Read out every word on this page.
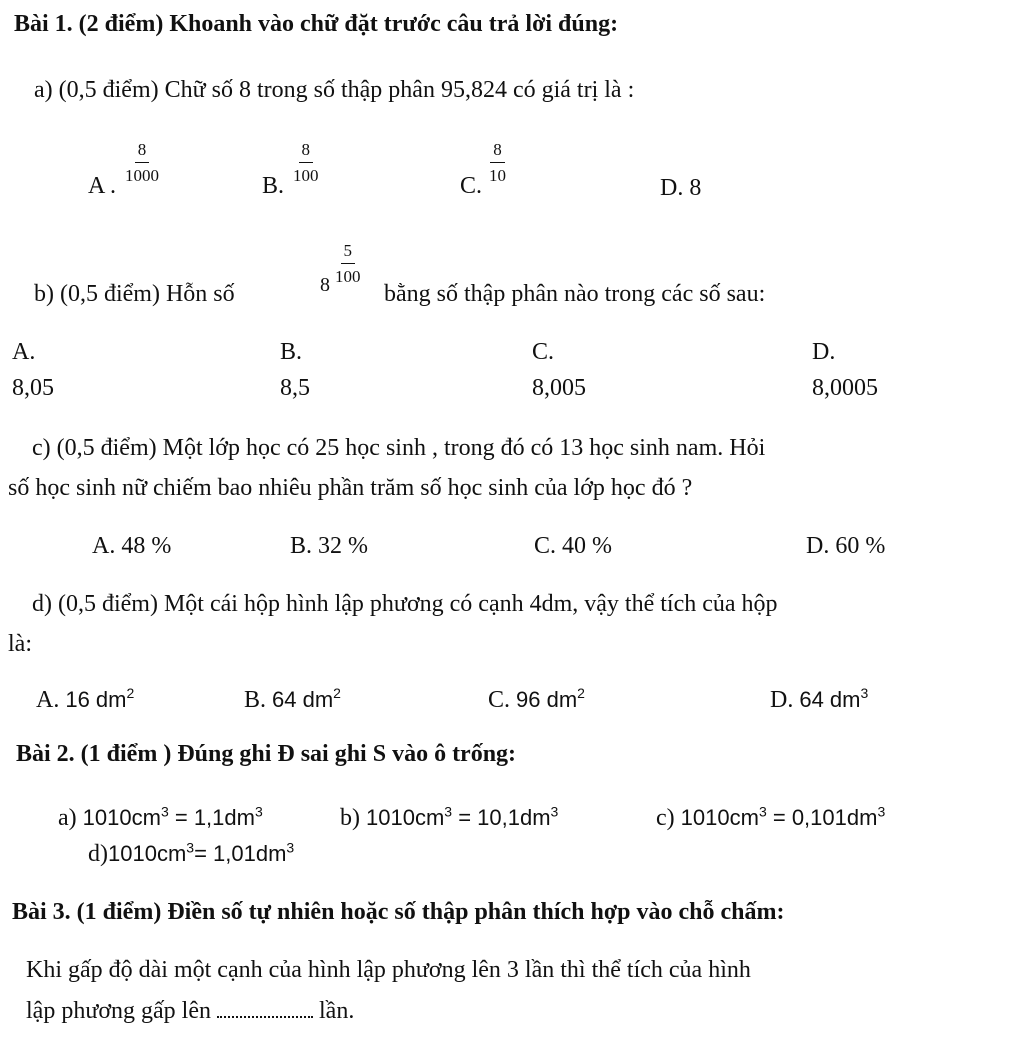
Bài 1. (2 điểm) Khoanh vào chữ đặt trước câu trả lời đúng:
a) (0,5 điểm) Chữ số 8 trong số thập phân 95,824 có giá trị là :
A .
$\frac{8}{1000}$
B.
$\frac{8}{100}$
C.
$\frac{8}{10}$
D. 8
b) (0,5 điểm) Hỗn số	$8 \frac{5}{100}$
bằng số thập phân nào trong các số sau:
A.
8,05
B.
8,5
C.
8,005
D.
8,0005
c) (0,5 điểm) Một lớp học có 25 học sinh , trong đó có 13 học sinh nam. Hỏi
số học sinh nữ chiếm bao nhiêu phần trăm số học sinh của lớp học đó ?
A. 48 %	B. 32 %	C. 40 %	D. 60 %
d) (0,5 điểm) Một cái hộp hình lập phương có cạnh 4dm, vậy thể tích của hộp
là:
A. 16 $dm^2$	B. 64 $dm^2$	C. 96 $dm^2$	D. 64 $dm^3$
Bài 2. (1 điểm ) Đúng ghi Đ sai ghi S vào ô trống:
a) $1010cm^3 = 1,1dm^3$	b) $1010cm^3 = 10,1dm^3$	c) $1010cm^3 = 0,101dm^3$
$d)1010cm^3= 1,01dm^3$
Bài 3. (1 điểm) Điền số tự nhiên hoặc số thập phân thích hợp vào chỗ chấm:
Khi gấp độ dài một cạnh của hình lập phương lên 3 lần thì thể tích của hình
lập phương gấp lên	lần.
